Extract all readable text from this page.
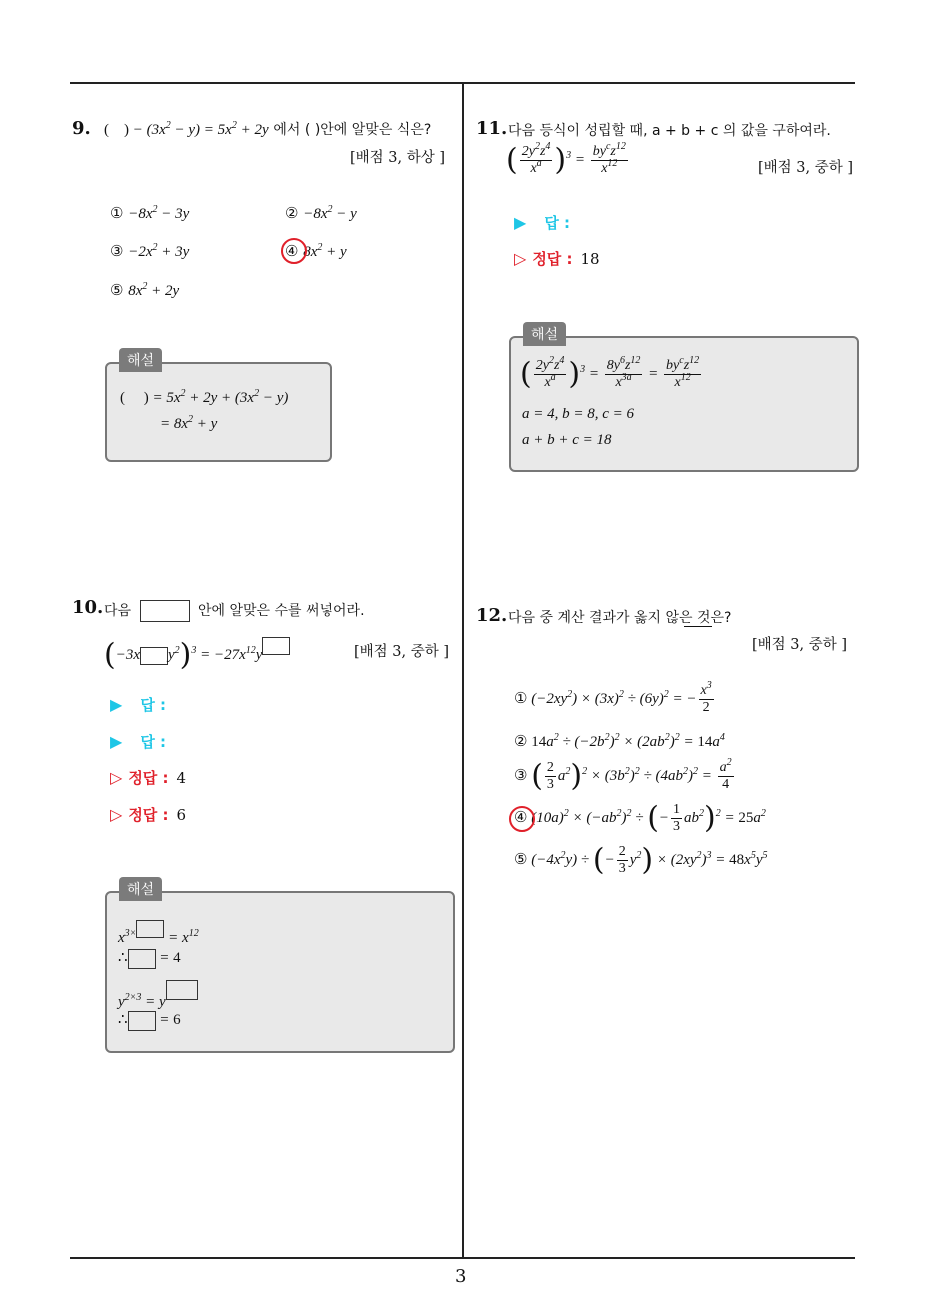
3
9. (    ) − $(3x^2 - y) = 5x^2 + 2y$ 에서 ( )안에 알맞은 식은?
[배점 3, 하상 ]
① $-8x^2 - 3y$	② $-8x^2 - y$
③ $-2x^2 + 3y$	④ $8x^2 + y$
⑤ $8x^2 + 2y$
해설
(     ) = $5x^2 + 2y + (3x^2 - y)$
= $8x^2 + y$
10. 다음	안에 알맞은 수를 써넣어라.
(−3x $y^2)^3 = -27x^{12}y$	[배점 3, 중하 ]
▶ 답 :
▶ 답 :
▷ 정답 : 4
▷ 정답 : 6
해설
$x^{3\times} = x^{12}$
∴ = 4
$y^{2\times 3} = y$
∴ = 6
11. 다음 등식이 성립할 때, a + b + c 의 값을 구하여라.
( $\frac{2y^2z^4}{x^a} )^3 = \frac{by^cz^{12}}{x^{12}}$	[배점 3, 중하 ]
▶ 답 :
▷ 정답 : 18
해설
( $\frac{2y^2z^4}{x^a} )^3 = \frac{8y^6z^{12}}{x^{3a}} = \frac{by^cz^{12}}{x^{12}}$
a = 4, b = 8, c = 6
a + b + c = 18
12. 다음 중 계산 결과가 옳지 않은 것은?
[배점 3, 중하 ]
① $(-2xy^2) \times (3x)^2 \div (6y)^2$ = − $\frac{x^3}{2}$
② $14a^2 \div (-2b^2)^2 \times (2ab^2)^2 = 14a^4$
③ ( $\frac{2}{3} a^2)^2 \times (3b^2)^2 \div (4ab^2)^2 = \frac{a^2}{4}$
④ $(10a)^2 \times (-ab^2)^2$ ÷ (− $\frac{1}{3} ab^2)^2 = 25a^2$
⑤ $(-4x^2y)$ ÷ (− $\frac{2}{3} y^2) \times (2xy^2)^3 = 48x^5y^5$
